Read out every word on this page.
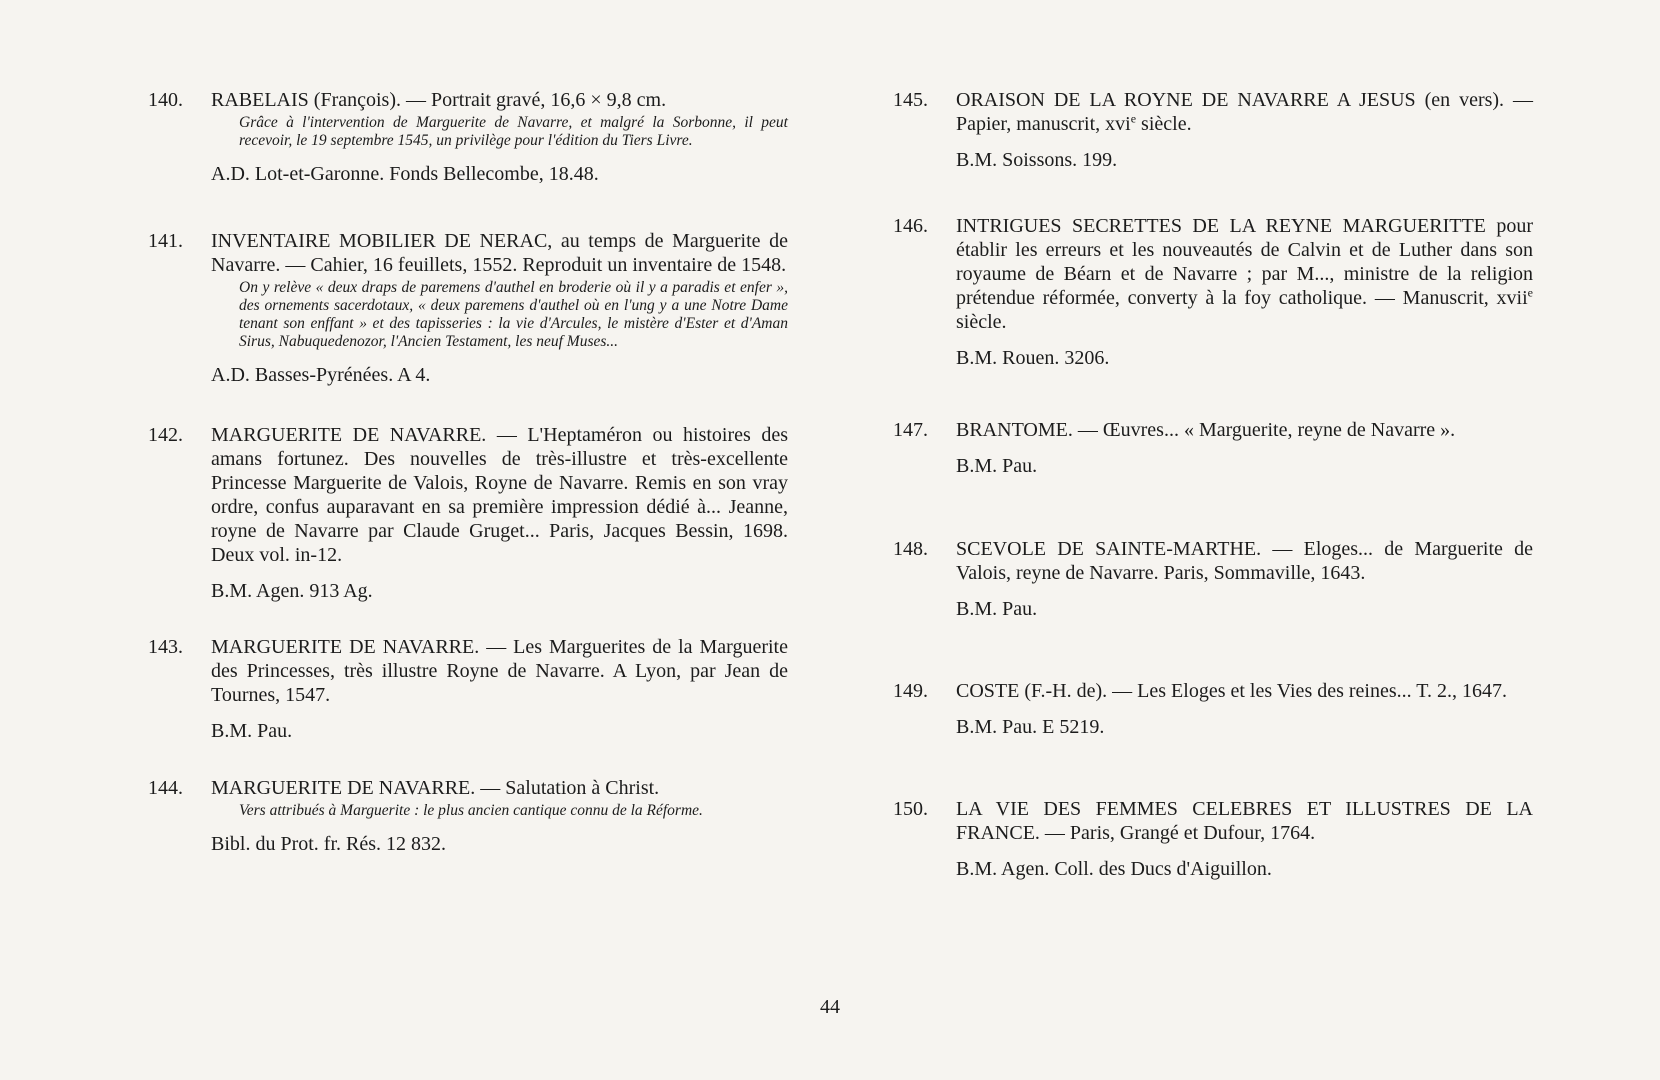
140.	RABELAIS (François). — Portrait gravé, 16,6 × 9,8 cm.
Grâce à l'intervention de Marguerite de Navarre, et malgré la Sorbonne, il peut recevoir, le 19 septembre 1545, un privilège pour l'édition du Tiers Livre.
A.D. Lot-et-Garonne. Fonds Bellecombe, 18.48.
141.	INVENTAIRE MOBILIER DE NERAC, au temps de Marguerite de Navarre. — Cahier, 16 feuillets, 1552. Reproduit un inventaire de 1548.
On y relève « deux draps de paremens d'authel en broderie où il y a paradis et enfer », des ornements sacerdotaux, « deux paremens d'authel où en l'ung y a une Notre Dame tenant son enffant » et des tapisseries : la vie d'Arcules, le mistère d'Ester et d'Aman Sirus, Nabuquedenozor, l'Ancien Testament, les neuf Muses...
A.D. Basses-Pyrénées. A 4.
142.	MARGUERITE DE NAVARRE. — L'Heptaméron ou histoires des amans fortunez. Des nouvelles de très-illustre et très-excellente Princesse Marguerite de Valois, Royne de Navarre. Remis en son vray ordre, confus auparavant en sa première impression dédié à... Jeanne, royne de Navarre par Claude Gruget... Paris, Jacques Bessin, 1698. Deux vol. in-12.
B.M. Agen. 913 Ag.
143.	MARGUERITE DE NAVARRE. — Les Marguerites de la Marguerite des Princesses, très illustre Royne de Navarre. A Lyon, par Jean de Tournes, 1547.
B.M. Pau.
144.	MARGUERITE DE NAVARRE. — Salutation à Christ.
Vers attribués à Marguerite : le plus ancien cantique connu de la Réforme.
Bibl. du Prot. fr. Rés. 12 832.
145.	ORAISON DE LA ROYNE DE NAVARRE A JESUS (en vers). — Papier, manuscrit, xvi$^e$ siècle.
B.M. Soissons. 199.
146.	INTRIGUES SECRETTES DE LA REYNE MARGUERITTE pour établir les erreurs et les nouveautés de Calvin et de Luther dans son royaume de Béarn et de Navarre ; par M..., ministre de la religion prétendue réformée, converty à la foy catholique. — Manuscrit, xvii$^e$ siècle.
B.M. Rouen. 3206.
147.	BRANTOME. — Œuvres... « Marguerite, reyne de Navarre ».
B.M. Pau.
148.	SCEVOLE DE SAINTE-MARTHE. — Eloges... de Marguerite de Valois, reyne de Navarre. Paris, Sommaville, 1643.
B.M. Pau.
149.	COSTE (F.-H. de). — Les Eloges et les Vies des reines... T. 2., 1647.
B.M. Pau. E 5219.
150.	LA VIE DES FEMMES CELEBRES ET ILLUSTRES DE LA FRANCE. — Paris, Grangé et Dufour, 1764.
B.M. Agen. Coll. des Ducs d'Aiguillon.
44
